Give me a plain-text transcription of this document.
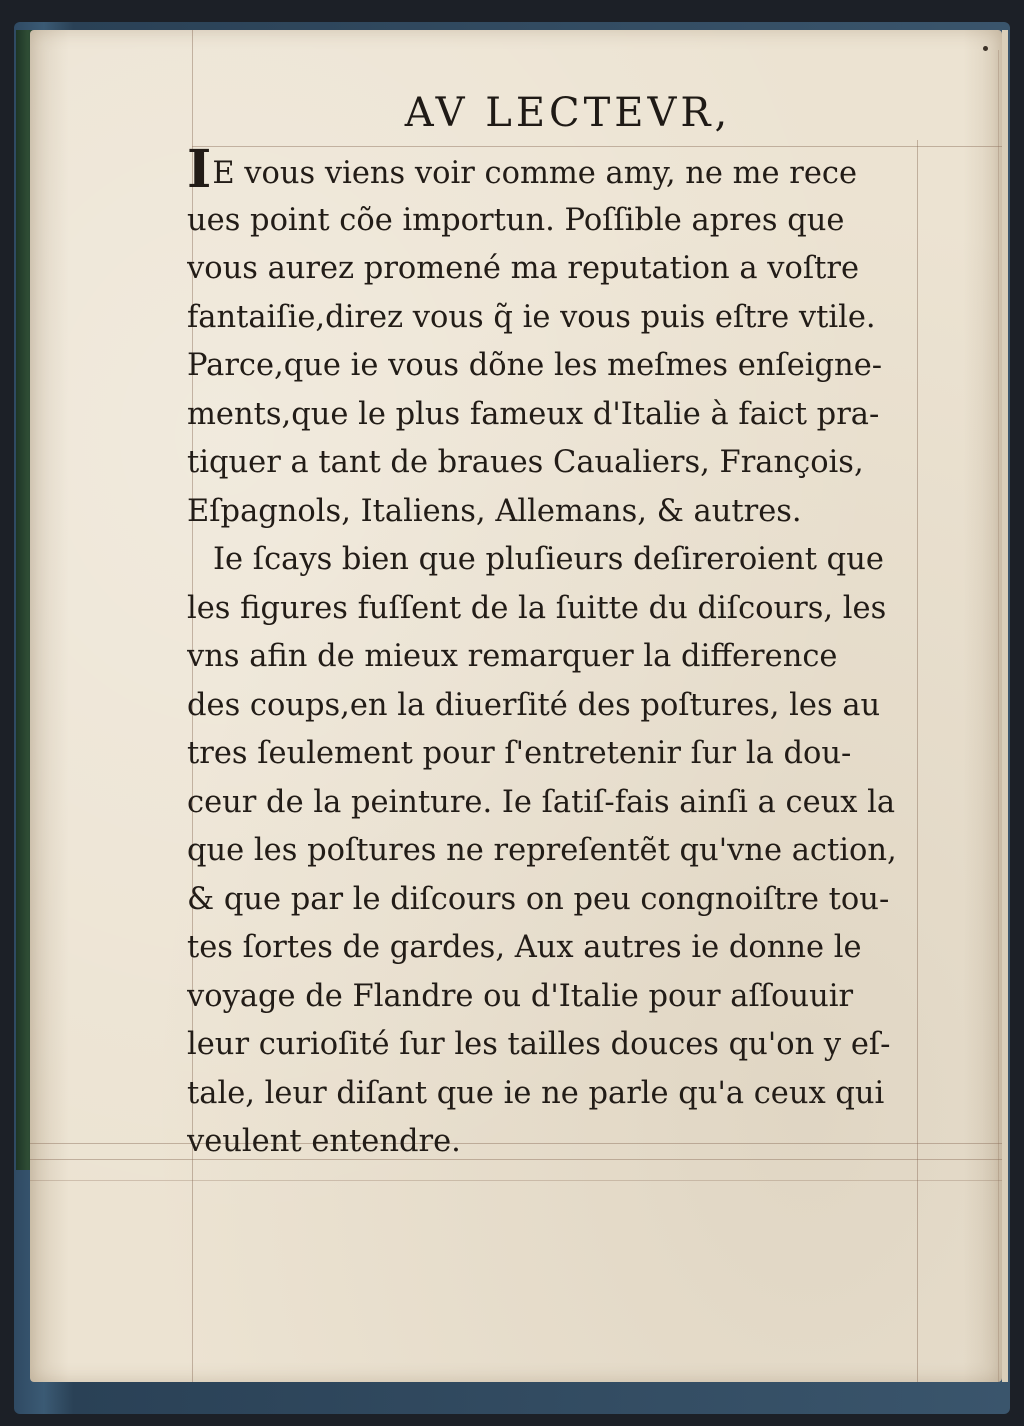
AV LECTEVR,
IE vous viens voir comme amy, ne me rece
ues point cõe importun. Poſſible apres que
vous aurez promené ma reputation a voſtre
fantaiſie,direz vous q̃ ie vous puis eſtre vtile.
Parce,que ie vous dõne les meſmes enſeigne-
ments,que le plus fameux d'Italie à faict pra-
tiquer a tant de braues Caualiers, François,
Eſpagnols, Italiens, Allemans, & autres.
Ie ſcays bien que pluſieurs deſireroient que
les figures fuſſent de la ſuitte du diſcours, les
vns afin de mieux remarquer la difference
des coups,en la diuerſité des poſtures, les au
tres ſeulement pour ſ'entretenir ſur la dou-
ceur de la peinture. Ie ſatiſ-fais ainſi a ceux la
que les poſtures ne repreſentẽt qu'vne action,
& que par le diſcours on peu congnoiſtre tou-
tes ſortes de gardes, Aux autres ie donne le
voyage de Flandre ou d'Italie pour aſſouuir
leur curioſité ſur les tailles douces qu'on y eſ-
tale, leur diſant que ie ne parle qu'a ceux qui
veulent entendre.
